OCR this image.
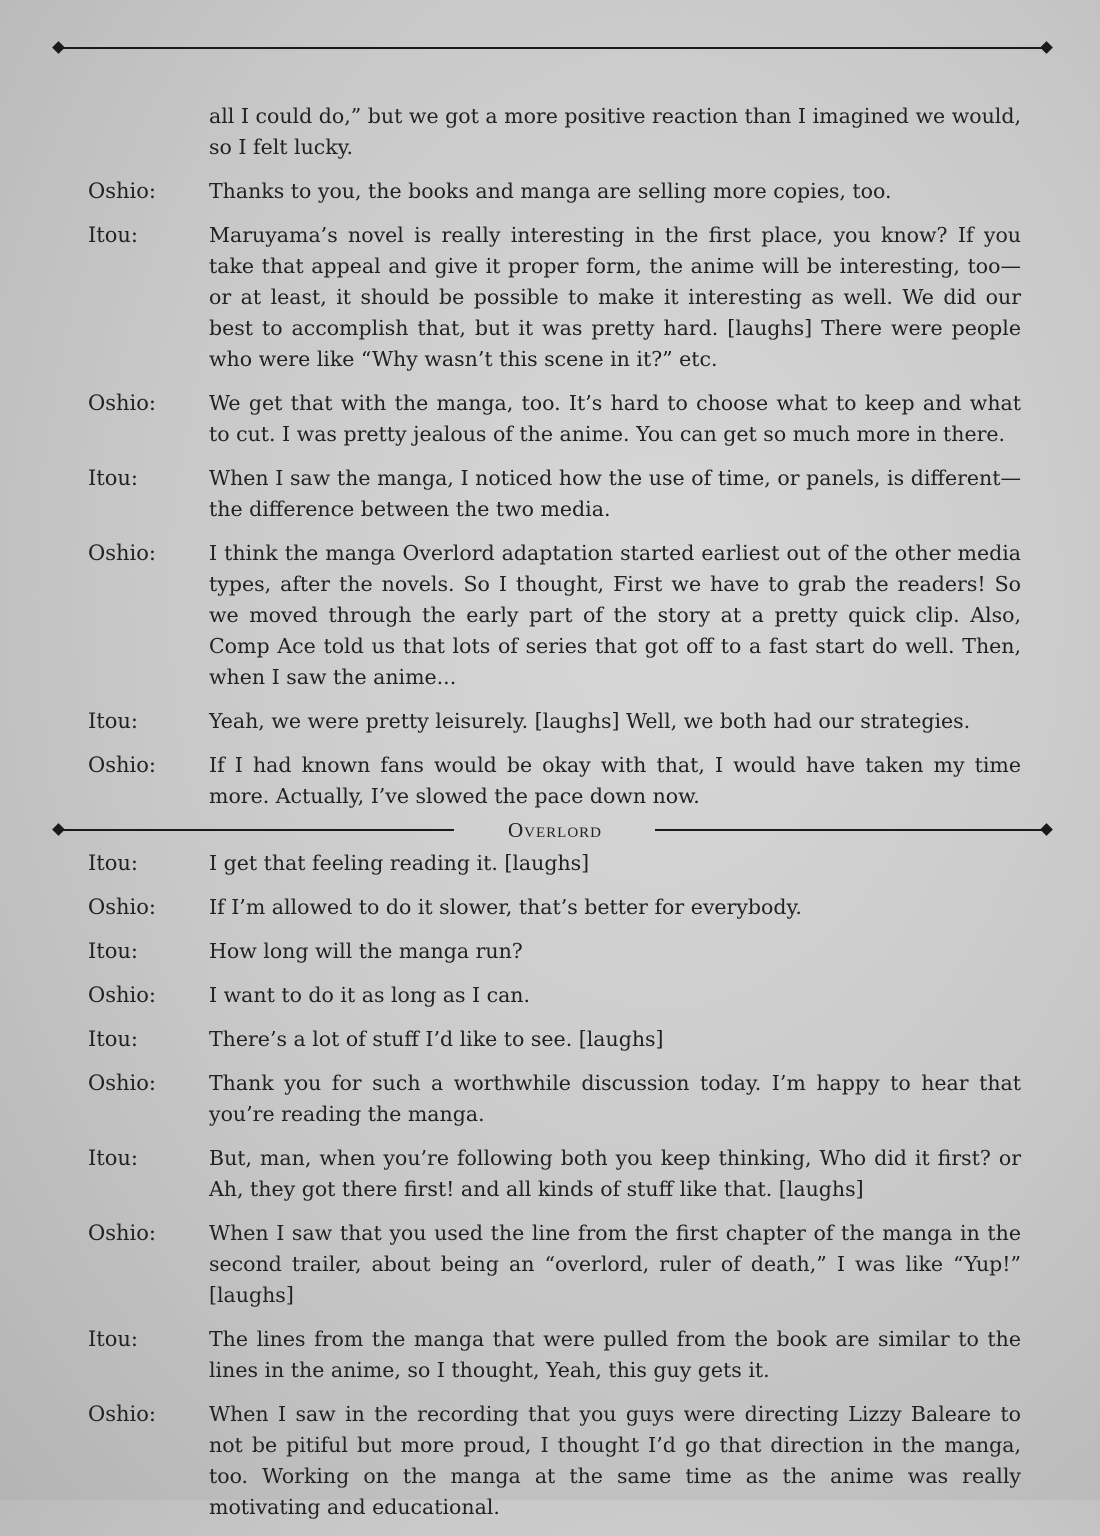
all I could do,” but we got a more positive reaction than I imagined we would, so I felt lucky.
Oshio:	Thanks to you, the books and manga are selling more copies, too.
Itou:	Maruyama’s novel is really interesting in the first place, you know? If you take that appeal and give it proper form, the anime will be interesting, too—or at least, it should be possible to make it interesting as well. We did our best to accomplish that, but it was pretty hard. [laughs] There were people who were like “Why wasn’t this scene in it?” etc.
Oshio:	We get that with the manga, too. It’s hard to choose what to keep and what to cut. I was pretty jealous of the anime. You can get so much more in there.
Itou:	When I saw the manga, I noticed how the use of time, or panels, is different—the difference between the two media.
Oshio:	I think the manga Overlord adaptation started earliest out of the other media types, after the novels. So I thought, First we have to grab the readers! So we moved through the early part of the story at a pretty quick clip. Also, Comp Ace told us that lots of series that got off to a fast start do well. Then, when I saw the anime...
Itou:	Yeah, we were pretty leisurely. [laughs] Well, we both had our strategies.
Oshio:	If I had known fans would be okay with that, I would have taken my time more. Actually, I’ve slowed the pace down now.
Overlord
Itou:	I get that feeling reading it. [laughs]
Oshio:	If I’m allowed to do it slower, that’s better for everybody.
Itou:	How long will the manga run?
Oshio:	I want to do it as long as I can.
Itou:	There’s a lot of stuff I’d like to see. [laughs]
Oshio:	Thank you for such a worthwhile discussion today. I’m happy to hear that you’re reading the manga.
Itou:	But, man, when you’re following both you keep thinking, Who did it first? or Ah, they got there first! and all kinds of stuff like that. [laughs]
Oshio:	When I saw that you used the line from the first chapter of the manga in the second trailer, about being an “overlord, ruler of death,” I was like “Yup!” [laughs]
Itou:	The lines from the manga that were pulled from the book are similar to the lines in the anime, so I thought, Yeah, this guy gets it.
Oshio:	When I saw in the recording that you guys were directing Lizzy Baleare to not be pitiful but more proud, I thought I’d go that direction in the manga, too. Working on the manga at the same time as the anime was really motivating and educational.
